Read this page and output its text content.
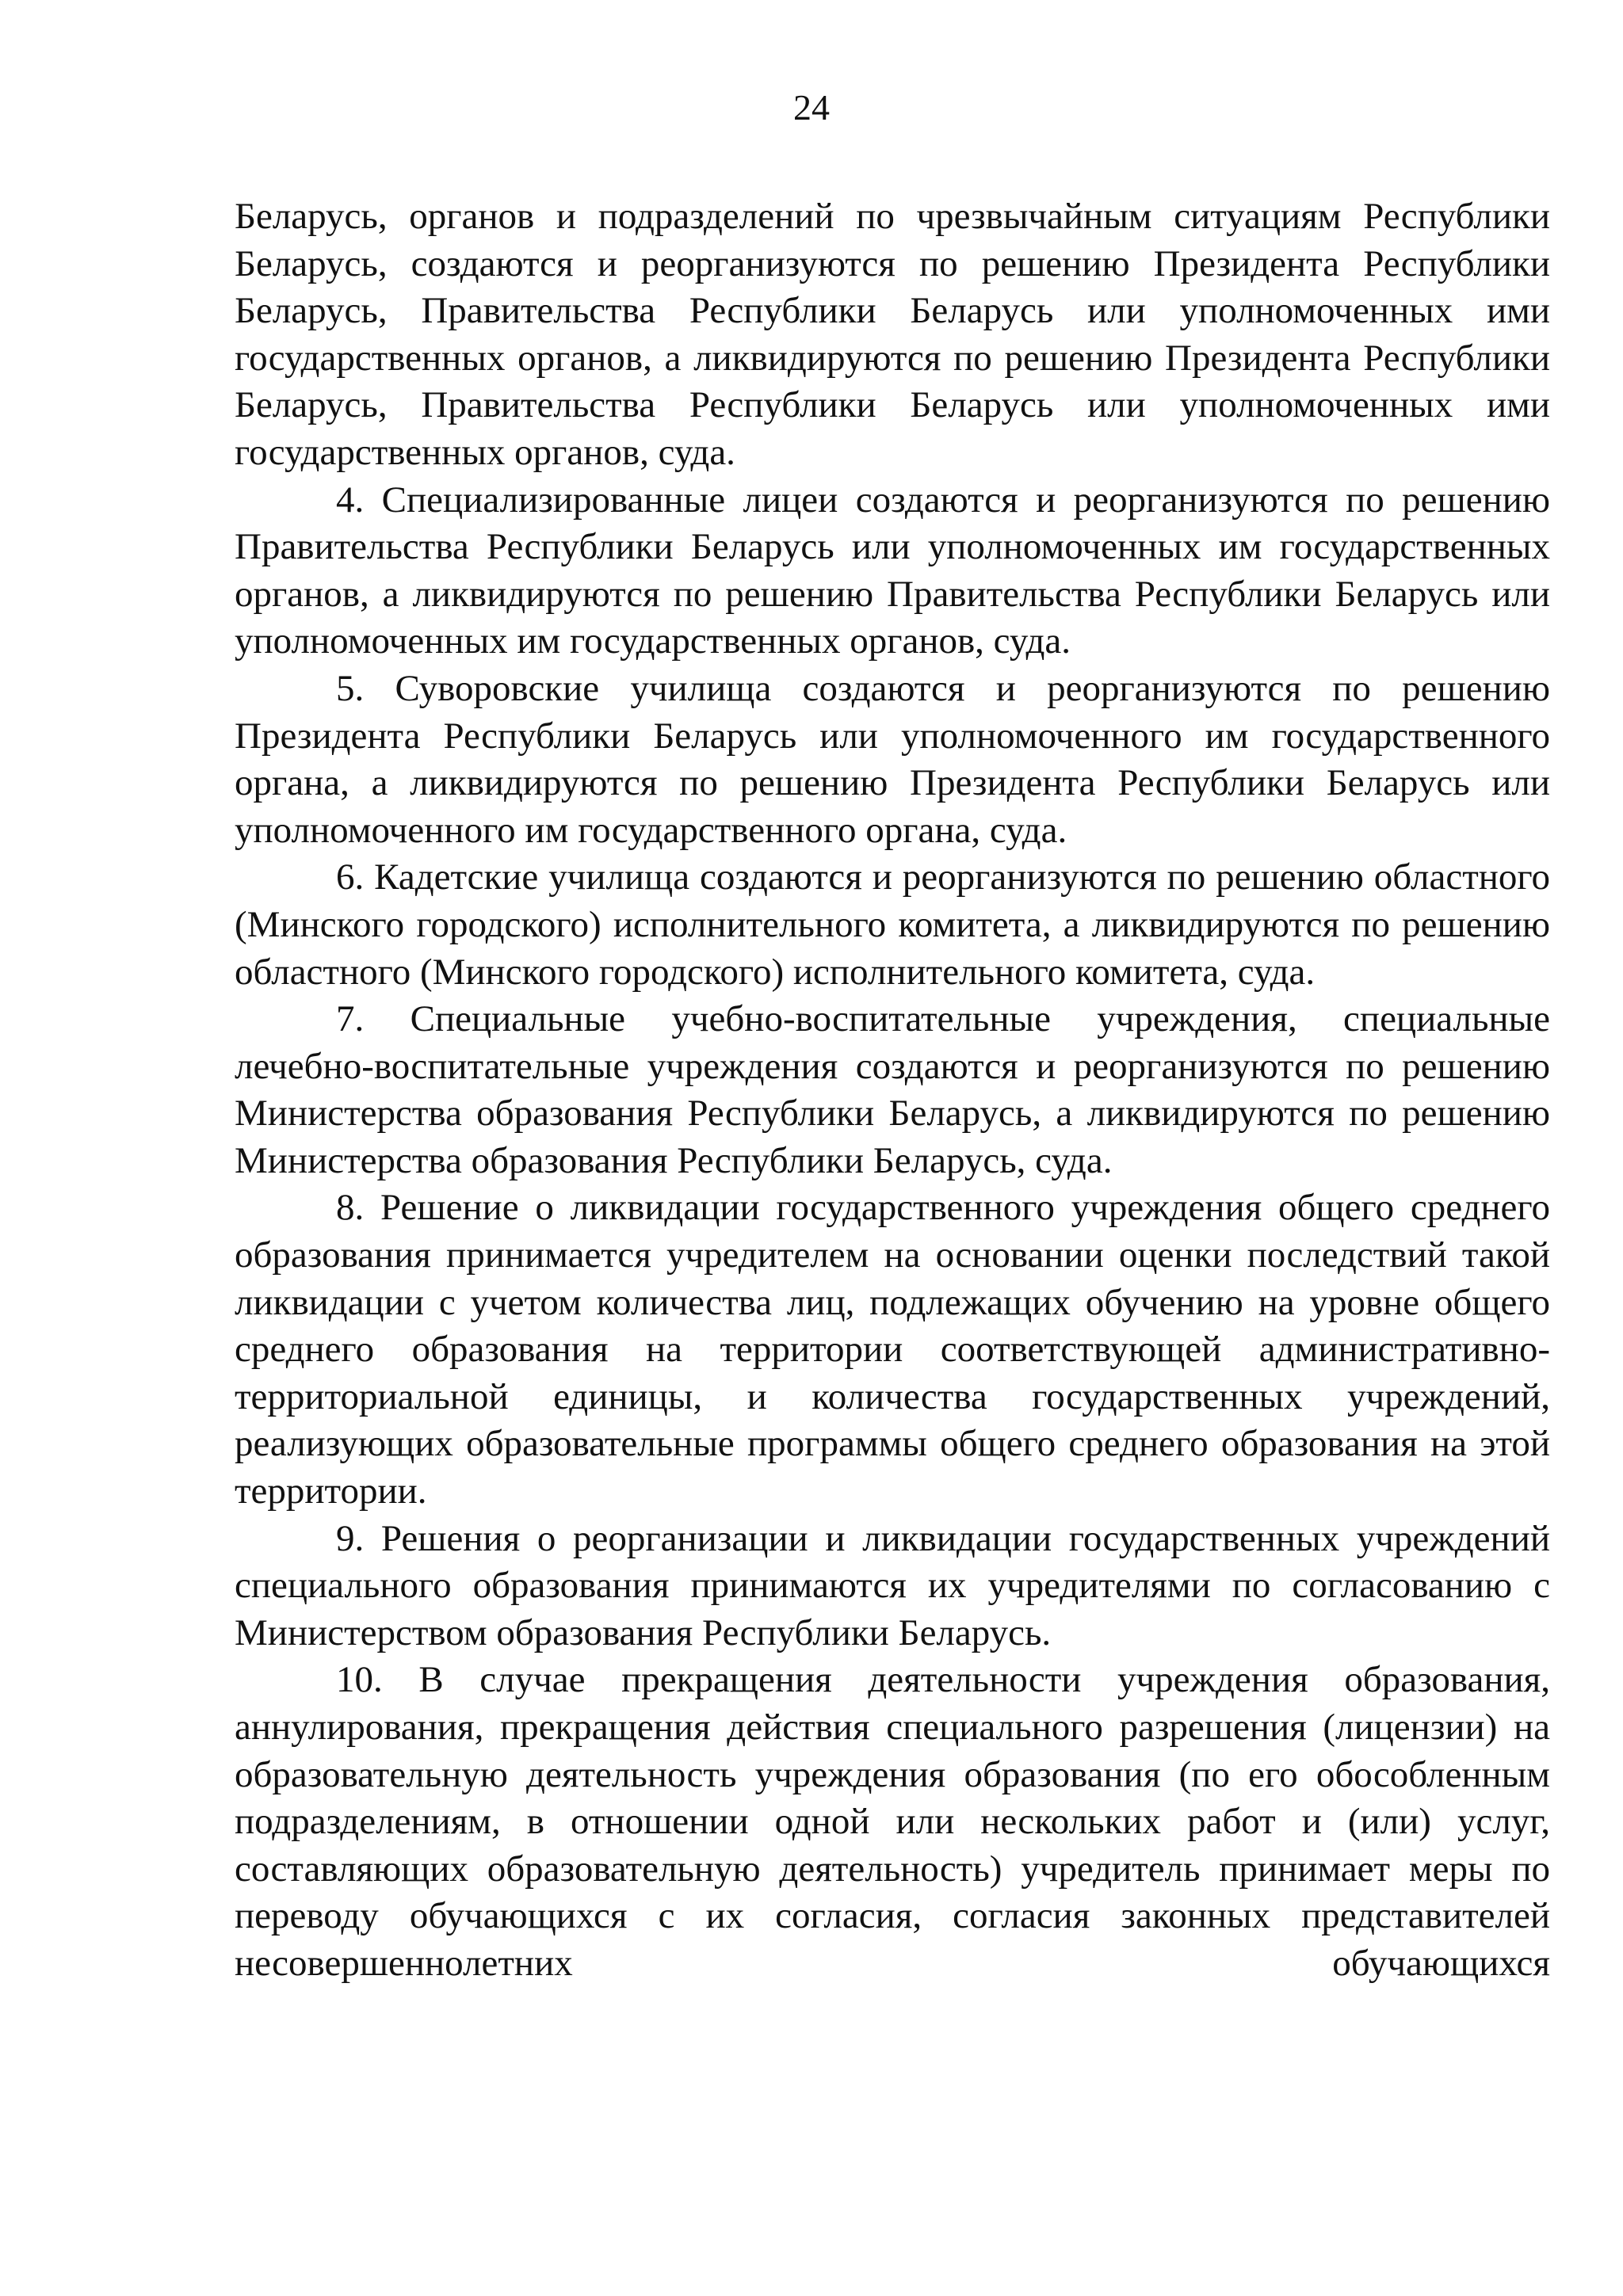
24

Беларусь, органов и подразделений по чрезвычайным ситуациям Республики Беларусь, создаются и реорганизуются по решению Президента Республики Беларусь, Правительства Республики Беларусь или уполномоченных ими государственных органов, а ликвидируются по решению Президента Республики Беларусь, Правительства Республики Беларусь или уполномоченных ими государственных органов, суда.

4. Специализированные лицеи создаются и реорганизуются по решению Правительства Республики Беларусь или уполномоченных им государственных органов, а ликвидируются по решению Правительства Республики Беларусь или уполномоченных им государственных органов, суда.

5. Суворовские училища создаются и реорганизуются по решению Президента Республики Беларусь или уполномоченного им государственного органа, а ликвидируются по решению Президента Республики Беларусь или уполномоченного им государственного органа, суда.

6. Кадетские училища создаются и реорганизуются по решению областного (Минского городского) исполнительного комитета, а ликвидируются по решению областного (Минского городского) исполнительного комитета, суда.

7. Специальные учебно-воспитательные учреждения, специальные лечебно-воспитательные учреждения создаются и реорганизуются по решению Министерства образования Республики Беларусь, а ликвидируются по решению Министерства образования Республики Беларусь, суда.

8. Решение о ликвидации государственного учреждения общего среднего образования принимается учредителем на основании оценки последствий такой ликвидации с учетом количества лиц, подлежащих обучению на уровне общего среднего образования на территории соответствующей административно-территориальной единицы, и количества государственных учреждений, реализующих образовательные программы общего среднего образования на этой территории.

9. Решения о реорганизации и ликвидации государственных учреждений специального образования принимаются их учредителями по согласованию с Министерством образования Республики Беларусь.

10. В случае прекращения деятельности учреждения образования, аннулирования, прекращения действия специального разрешения (лицензии) на образовательную деятельность учреждения образования (по его обособленным подразделениям, в отношении одной или нескольких работ и (или) услуг, составляющих образовательную деятельность) учредитель принимает меры по переводу обучающихся с их согласия, согласия законных представителей несовершеннолетних обучающихся
